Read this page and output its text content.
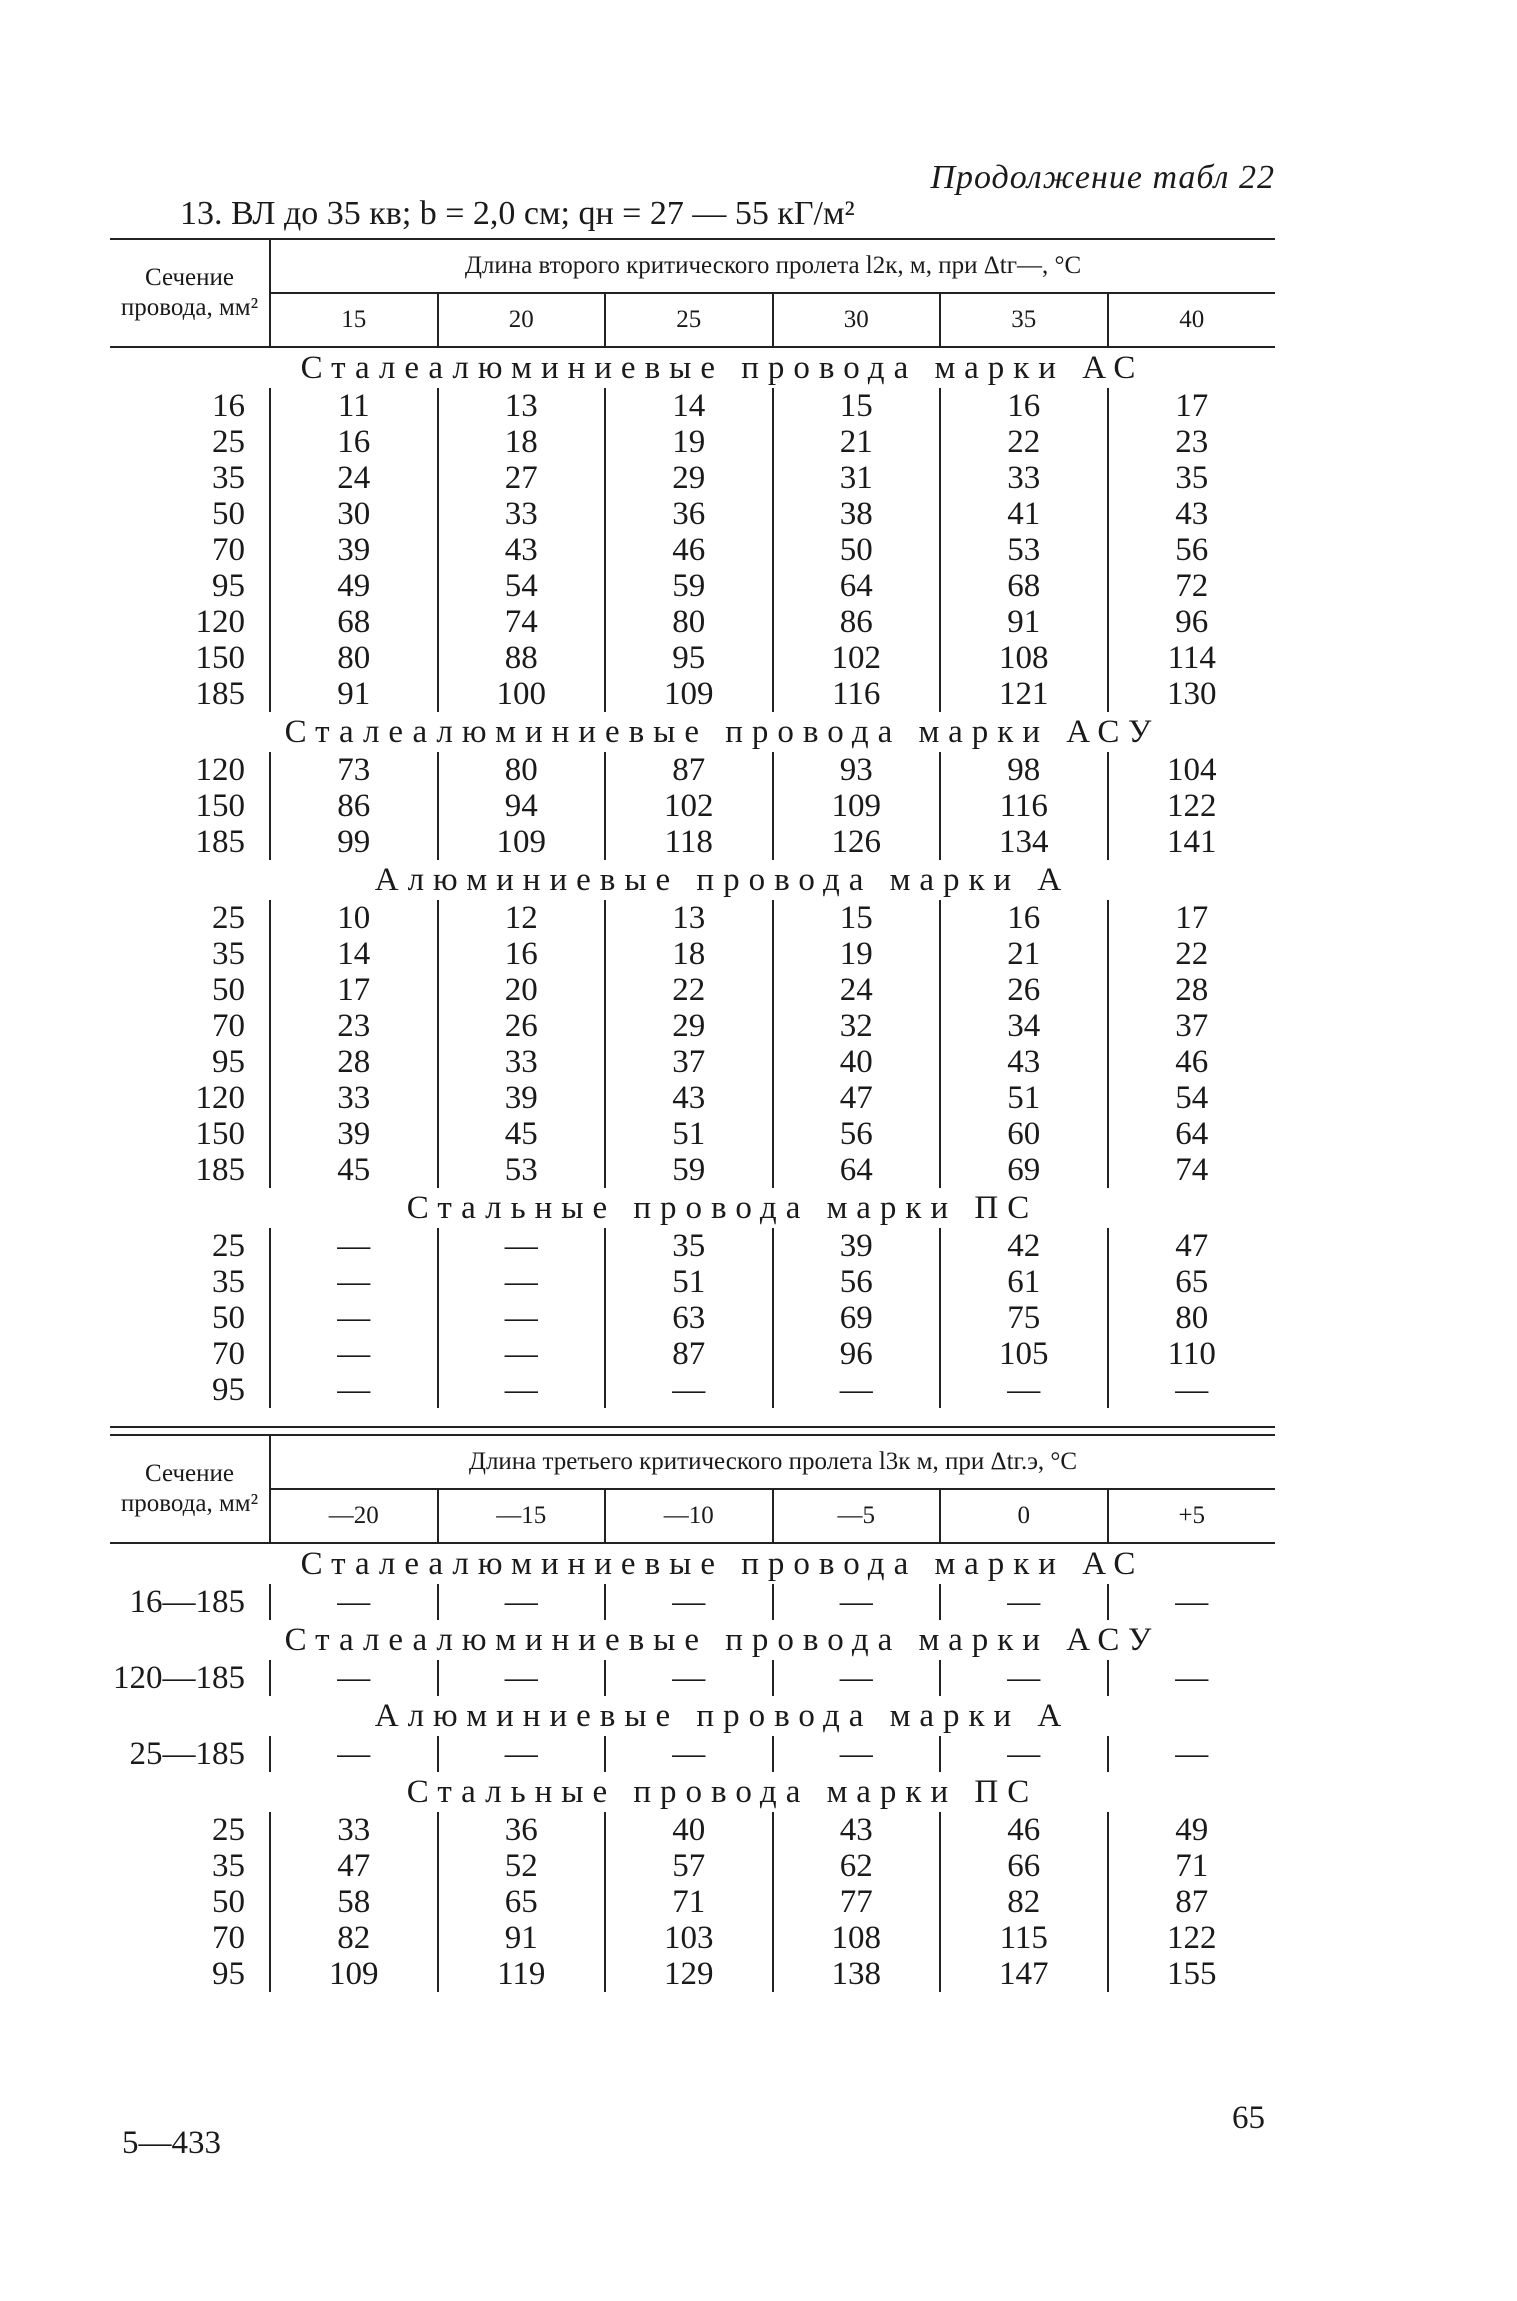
Продолжение табл 22
13. ВЛ до 35 кв; b = 2,0 см; qн = 27 — 55 кГ/м²
Сечение провода, мм²	Длина второго критического пролета l2к, м, при Δtг—, °С					
	15	20	25	30	35	40
Сталеалюминиевые провода марки АС						
16	11	13	14	15	16	17
25	16	18	19	21	22	23
35	24	27	29	31	33	35
50	30	33	36	38	41	43
70	39	43	46	50	53	56
95	49	54	59	64	68	72
120	68	74	80	86	91	96
150	80	88	95	102	108	114
185	91	100	109	116	121	130
Сталеалюминиевые провода марки АСУ						
120	73	80	87	93	98	104
150	86	94	102	109	116	122
185	99	109	118	126	134	141
Алюминиевые провода марки А						
25	10	12	13	15	16	17
35	14	16	18	19	21	22
50	17	20	22	24	26	28
70	23	26	29	32	34	37
95	28	33	37	40	43	46
120	33	39	43	47	51	54
150	39	45	51	56	60	64
185	45	53	59	64	69	74
Стальные провода марки ПС						
25	—	—	35	39	42	47
35	—	—	51	56	61	65
50	—	—	63	69	75	80
70	—	—	87	96	105	110
95	—	—	—	—	—	—
Сечение провода, мм²	Длина третьего критического пролета l3к м, при Δtг.э, °С					
	—20	—15	—10	—5	0	+5
Сталеалюминиевые провода марки АС						
16—185	—	—	—	—	—	—
Сталеалюминиевые провода марки АСУ						
120—185	—	—	—	—	—	—
Алюминиевые провода марки А						
25—185	—	—	—	—	—	—
Стальные провода марки ПС						
25	33	36	40	43	46	49
35	47	52	57	62	66	71
50	58	65	71	77	82	87
70	82	91	103	108	115	122
95	109	119	129	138	147	155
65
5—433
